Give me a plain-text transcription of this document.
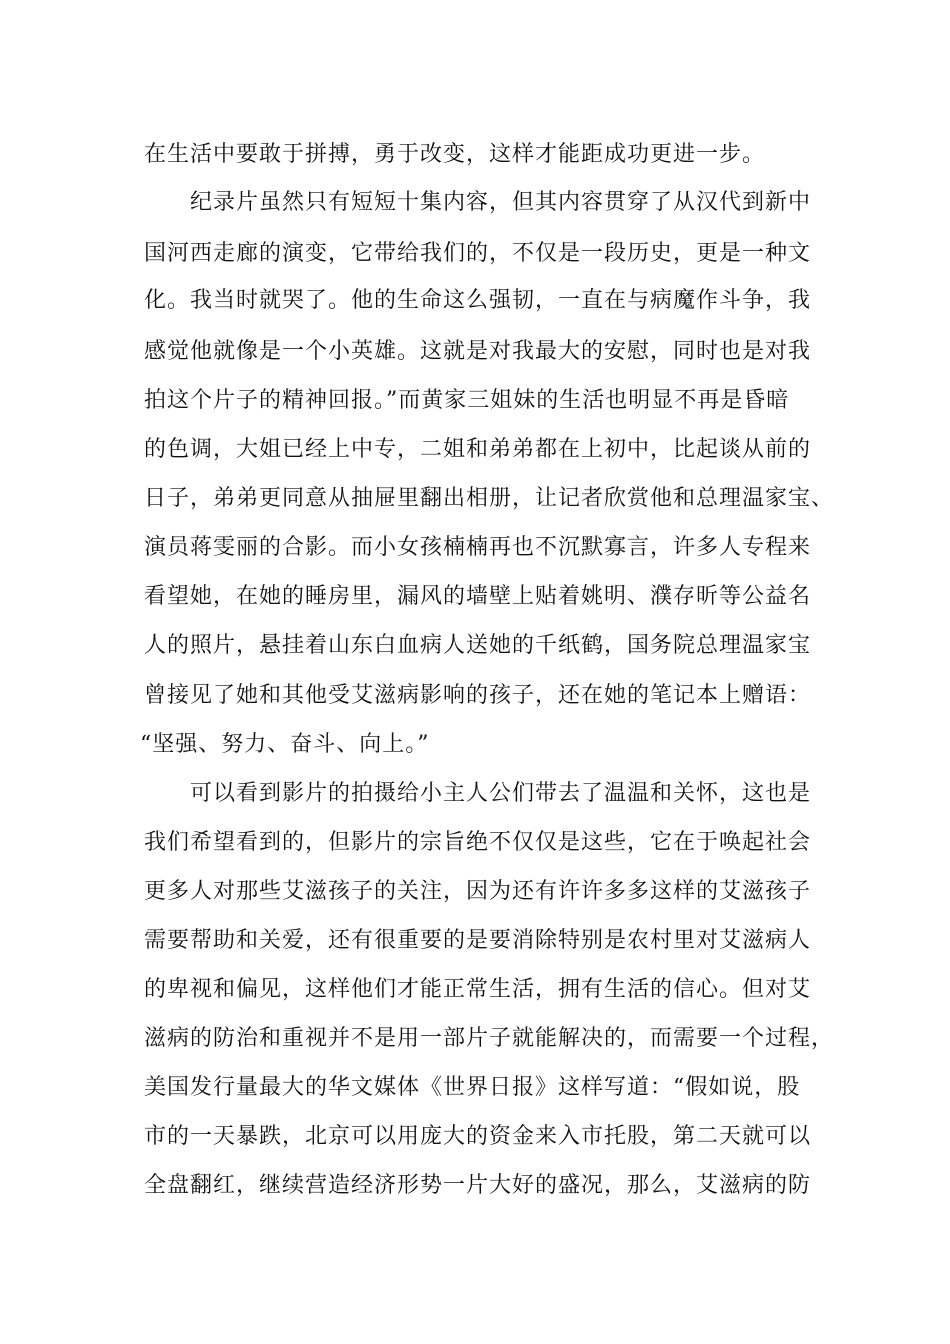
在生活中要敢于拼搏，勇于改变，这样才能距成功更进一步。
纪录片虽然只有短短十集内容，但其内容贯穿了从汉代到新中
国河西走廊的演变，它带给我们的，不仅是一段历史，更是一种文
化。我当时就哭了。他的生命这么强韧，一直在与病魔作斗争，我
感觉他就像是一个小英雄。这就是对我最大的安慰，同时也是对我
拍这个片子的精神回报。”而黄家三姐妹的生活也明显不再是昏暗
的色调，大姐已经上中专，二姐和弟弟都在上初中，比起谈从前的
日子，弟弟更同意从抽屉里翻出相册，让记者欣赏他和总理温家宝、
演员蒋雯丽的合影。而小女孩楠楠再也不沉默寡言，许多人专程来
看望她，在她的睡房里，漏风的墙壁上贴着姚明、濮存昕等公益名
人的照片，悬挂着山东白血病人送她的千纸鹤，国务院总理温家宝
曾接见了她和其他受艾滋病影响的孩子，还在她的笔记本上赠语：
“坚强、努力、奋斗、向上。”
可以看到影片的拍摄给小主人公们带去了温温和关怀，这也是
我们希望看到的，但影片的宗旨绝不仅仅是这些，它在于唤起社会
更多人对那些艾滋孩子的关注，因为还有许许多多这样的艾滋孩子
需要帮助和关爱，还有很重要的是要消除特别是农村里对艾滋病人
的卑视和偏见，这样他们才能正常生活，拥有生活的信心。但对艾
滋病的防治和重视并不是用一部片子就能解决的，而需要一个过程，
美国发行量最大的华文媒体《世界日报》这样写道：“假如说，股
市的一天暴跌，北京可以用庞大的资金来入市托股，第二天就可以
全盘翻红，继续营造经济形势一片大好的盛况，那么，艾滋病的防
